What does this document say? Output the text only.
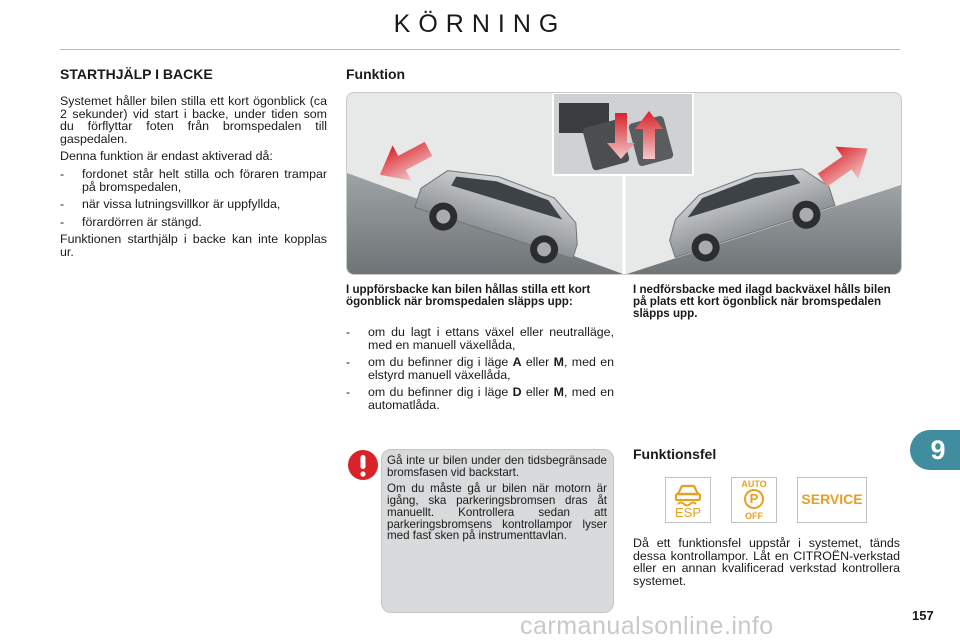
KÖRNING
STARTHJÄLP I BACKE

Systemet håller bilen stilla ett kort ögonblick (ca 2 sekunder) vid start i backe, under tiden som du förflyttar foten från bromspedalen till gaspedalen.

Denna funktion är endast aktiverad då:

-	fordonet står helt stilla och föraren trampar på bromspedalen,
-	när vissa lutningsvillkor är uppfyllda,
-	förardörren är stängd.

Funktionen starthjälp i backe kan inte kopplas ur.

Funktion
I uppförsbacke kan bilen hållas stilla ett kort ögonblick när bromspedalen släpps upp:
-	om du lagt i ettans växel eller neutralläge, med en manuell växellåda,
-	om du befinner dig i läge A eller M, med en elstyrd manuell växellåda,
-	om du befinner dig i läge D eller M, med en automatlåda.
I nedförsbacke med ilagd backväxel hålls bilen på plats ett kort ögonblick när bromspedalen släpps upp.

Gå inte ur bilen under den tidsbegränsade bromsfasen vid backstart.

Om du måste gå ur bilen när motorn är igång, ska parkeringsbromsen dras åt manuellt. Kontrollera sedan att parkeringsbromsens kontrollampor lyser med fast sken på instrumenttavlan.

Funktionsfel
ESP
AUTO
P
OFF
SERVICE

Då ett funktionsfel uppstår i systemet, tänds dessa kontrollampor. Låt en CITROËN-verkstad eller en annan kvalificerad verkstad kontrollera systemet.

9
carmanualsonline.info	157
